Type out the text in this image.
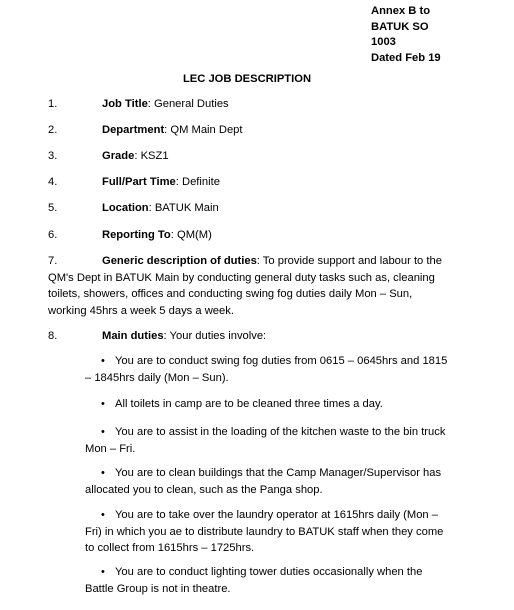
Annex B to
BATUK SO
1003
Dated Feb 19
LEC JOB DESCRIPTION
1.	Job Title: General Duties
2.	Department: QM Main Dept
3.	Grade: KSZ1
4.	Full/Part Time: Definite
5.	Location: BATUK Main
6.	Reporting To: QM(M)
7.	Generic description of duties: To provide support and labour to the QM's Dept in BATUK Main by conducting general duty tasks such as, cleaning toilets, showers, offices and conducting swing fog duties daily Mon – Sun, working 45hrs a week 5 days a week.
8.	Main duties: Your duties involve:
• You are to conduct swing fog duties from 0615 – 0645hrs and 1815 – 1845hrs daily (Mon – Sun).
• All toilets in camp are to be cleaned three times a day.
• You are to assist in the loading of the kitchen waste to the bin truck Mon – Fri.
• You are to clean buildings that the Camp Manager/Supervisor has allocated you to clean, such as the Panga shop.
• You are to take over the laundry operator at 1615hrs daily (Mon – Fri) in which you ae to distribute laundry to BATUK staff when they come to collect from 1615hrs – 1725hrs.
• You are to conduct lighting tower duties occasionally when the Battle Group is not in theatre.
